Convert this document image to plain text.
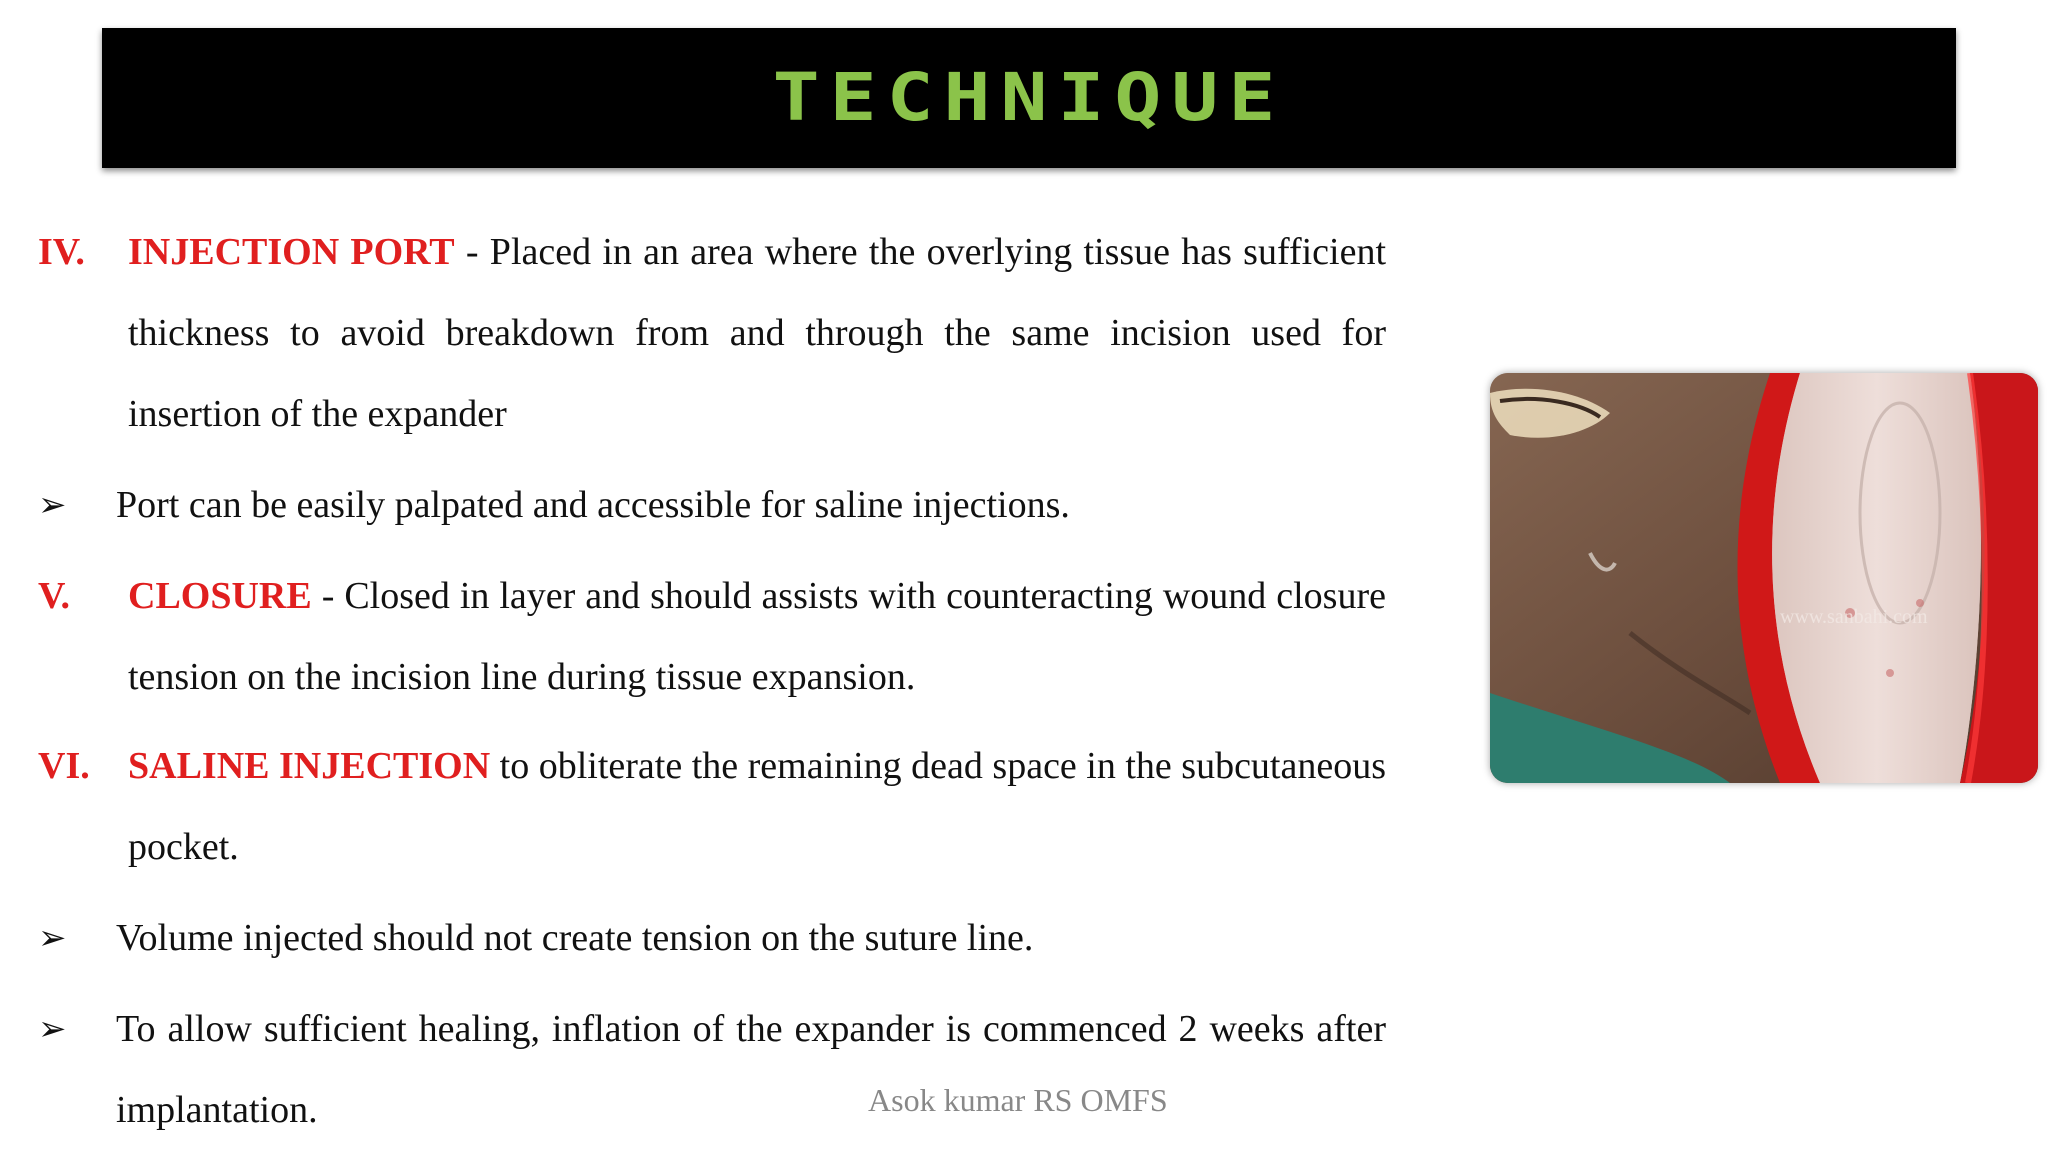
TECHNIQUE
IV. INJECTION PORT - Placed in an area where the overlying tissue has sufficient thickness to avoid breakdown from and through the same incision used for insertion of the expander
➢ Port can be easily palpated and accessible for saline injections.
V. CLOSURE - Closed in layer and should assists with counteracting wound closure tension on the incision line during tissue expansion.
VI. SALINE INJECTION to obliterate the remaining dead space in the subcutaneous pocket.
➢ Volume injected should not create tension on the suture line.
➢ To allow sufficient healing, inflation of the expander is commenced 2 weeks after implantation.
www.sanbahi.com
Asok kumar RS OMFS
